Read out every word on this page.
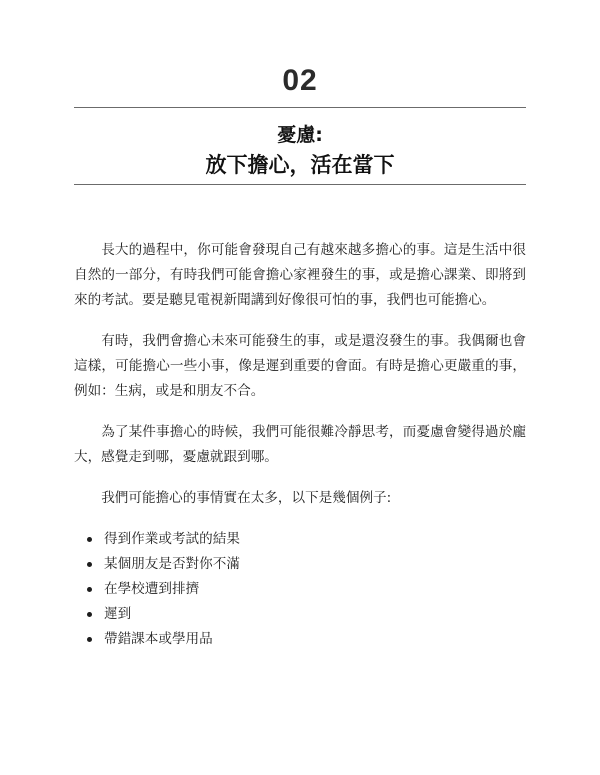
02
憂慮:
放下擔心，活在當下

長大的過程中，你可能會發現自己有越來越多擔心的事。這是生活中很自然的一部分，有時我們可能會擔心家裡發生的事，或是擔心課業、即將到來的考試。要是聽見電視新聞講到好像很可怕的事，我們也可能擔心。

有時，我們會擔心未來可能發生的事，或是還沒發生的事。我偶爾也會這樣，可能擔心一些小事，像是遲到重要的會面。有時是擔心更嚴重的事，例如：生病，或是和朋友不合。

為了某件事擔心的時候，我們可能很難冷靜思考，而憂慮會變得過於龐大，感覺走到哪，憂慮就跟到哪。

我們可能擔心的事情實在太多，以下是幾個例子:

得到作業或考試的結果
某個朋友是否對你不滿
在學校遭到排擠
遲到
帶錯課本或學用品
